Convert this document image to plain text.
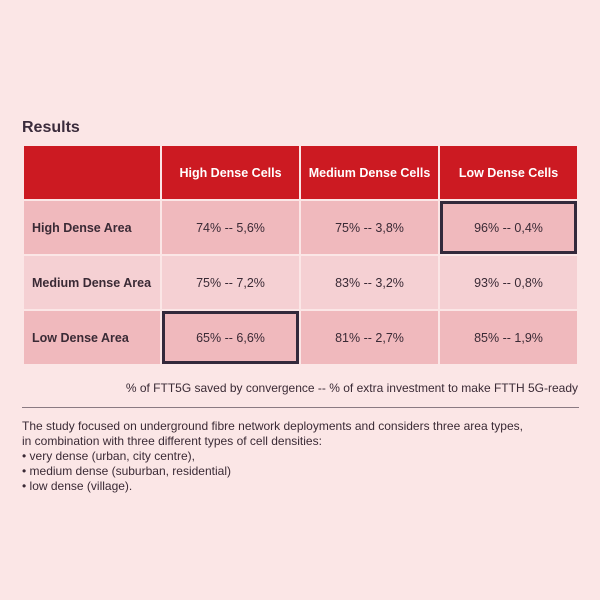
Results
	High Dense Cells	Medium Dense Cells	Low Dense Cells
High Dense Area	74% -- 5,6%	75% -- 3,8%	96% -- 0,4%
Medium Dense Area	75% -- 7,2%	83% -- 3,2%	93% -- 0,8%
Low Dense Area	65% -- 6,6%	81% -- 2,7%	85% -- 1,9%
% of FTT5G saved by convergence -- % of extra investment to make FTTH 5G-ready
The study focused on underground fibre network deployments and considers three area types,
in combination with three different types of cell densities:
• very dense (urban, city centre),
• medium dense (suburban, residential)
• low dense (village).
